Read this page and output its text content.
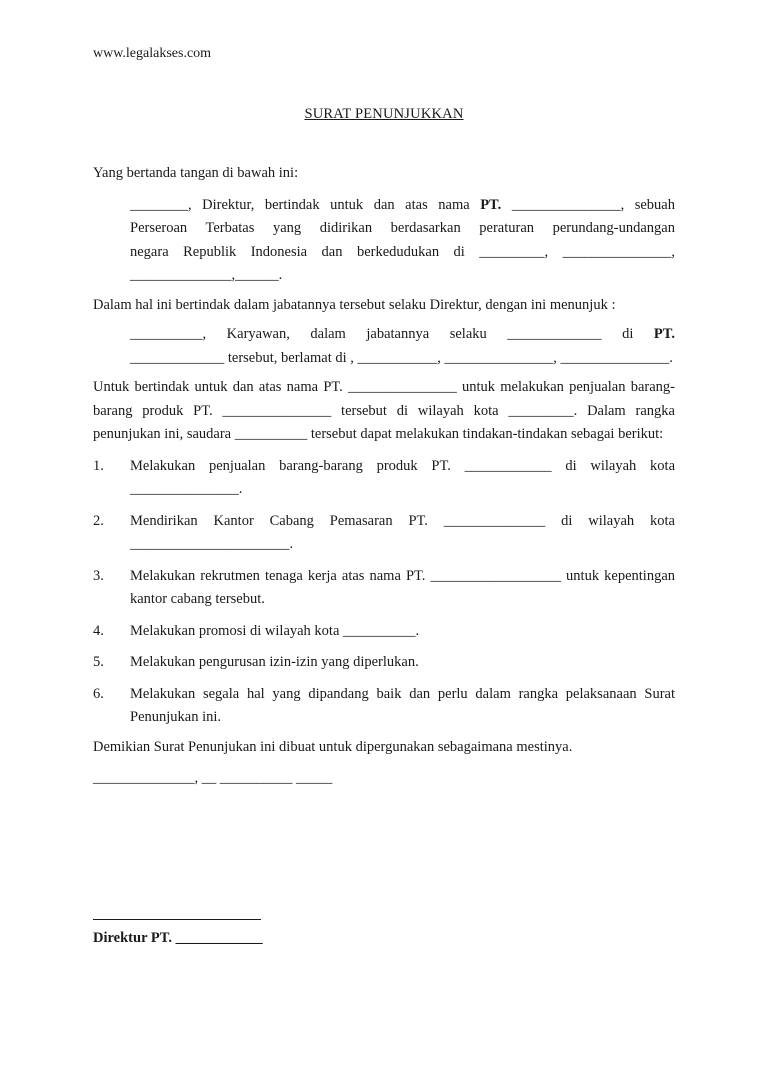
www.legalakses.com
SURAT PENUNJUKKAN

Yang bertanda tangan di bawah ini:

________, Direktur, bertindak untuk dan atas nama PT. _______________, sebuah

Perseroan Terbatas yang didirikan berdasarkan peraturan perundang-undangan

negara Republik Indonesia dan berkedudukan di _________, _______________,

______________,______.

Dalam hal ini bertindak dalam jabatannya tersebut selaku Direktur, dengan ini menunjuk :

__________, Karyawan, dalam jabatannya selaku _____________ di PT.

_____________ tersebut, berlamat di , ___________, _______________, _______________.

Untuk bertindak untuk dan atas nama PT. _______________ untuk melakukan penjualan barang-barang produk PT. _______________ tersebut di wilayah kota _________. Dalam rangka penunjukan ini, saudara __________ tersebut dapat melakukan tindakan-tindakan sebagai berikut:

1. Melakukan penjualan barang-barang produk PT. ____________ di wilayah kota _______________.
2. Mendirikan Kantor Cabang Pemasaran PT. ______________ di wilayah kota ______________________.
3. Melakukan rekrutmen tenaga kerja atas nama PT. __________________ untuk kepentingan kantor cabang tersebut.
4. Melakukan promosi di wilayah kota __________.
5. Melakukan pengurusan izin-izin yang diperlukan.
6. Melakukan segala hal yang dipandang baik dan perlu dalam rangka pelaksanaan Surat Penunjukan ini.

Demikian Surat Penunjukan ini dibuat untuk dipergunakan sebagaimana mestinya.

______________, __ __________ _____

Direktur PT. ____________
